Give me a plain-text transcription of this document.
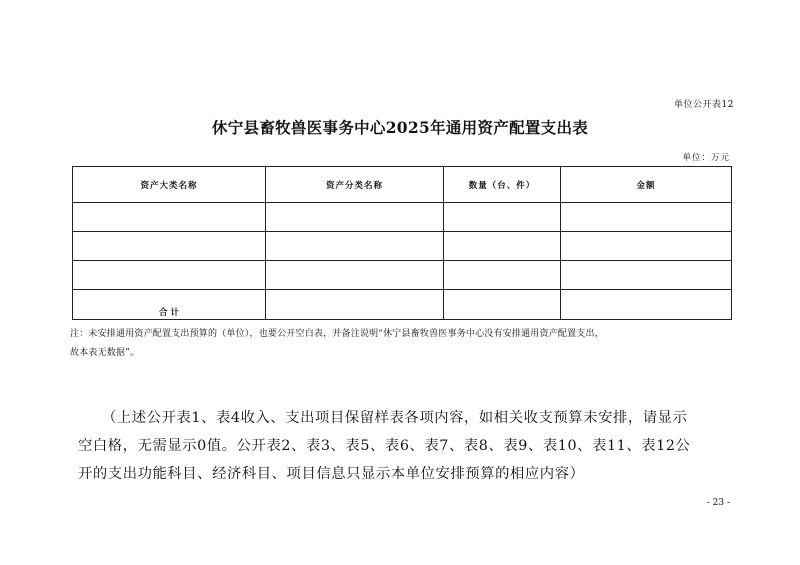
单位公开表12
休宁县畜牧兽医事务中心2025年通用资产配置支出表
单位：万元
资产大类名称	资产分类名称	数量（台、件）	金额

合 计			
注：未安排通用资产配置支出预算的（单位），也要公开空白表，并备注说明“休宁县畜牧兽医事务中心没有安排通用资产配置支出，
故本表无数据”。
（上述公开表1、表4收入、支出项目保留样表各项内容，如相关收支预算未安排，请显示
空白格，无需显示0值。公开表2、表3、表5、表6、表7、表8、表9、表10、表11、表12公
开的支出功能科目、经济科目、项目信息只显示本单位安排预算的相应内容）
- 23 -
